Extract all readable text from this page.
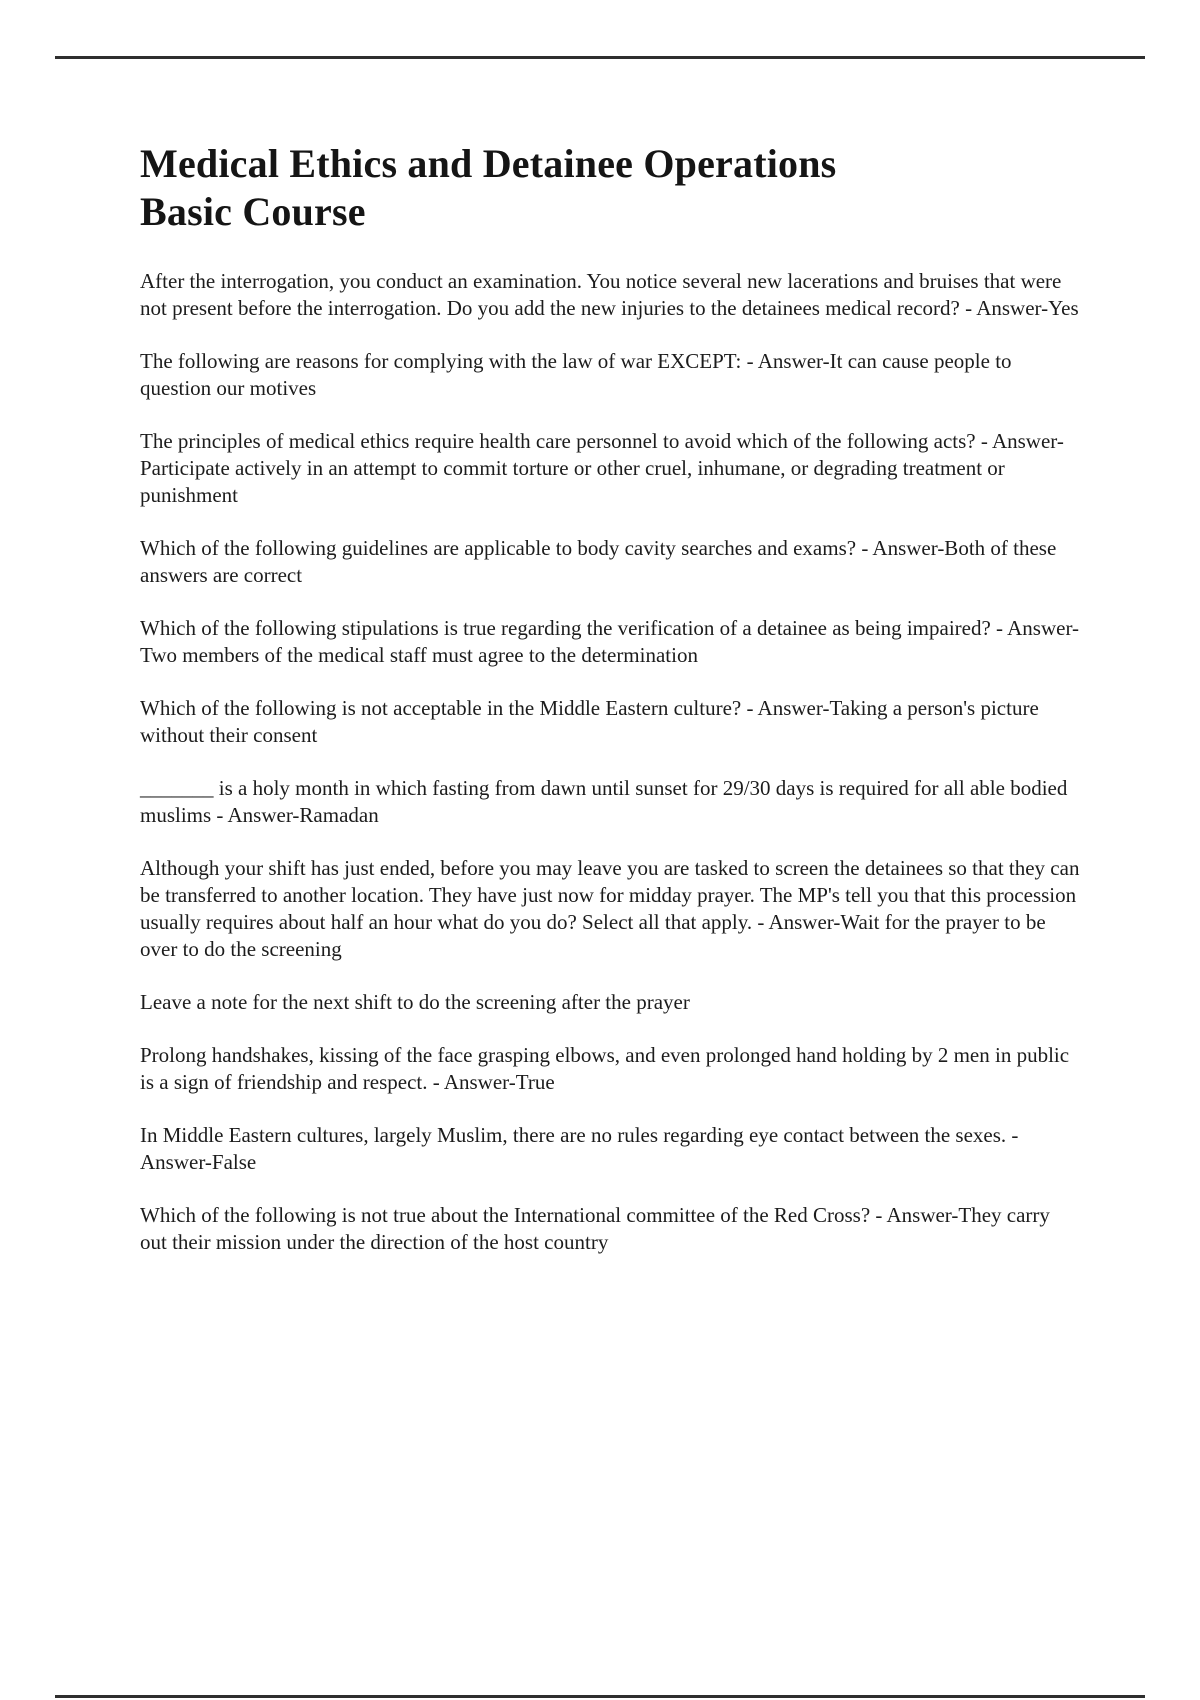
Medical Ethics and Detainee Operations
Basic Course

After the interrogation, you conduct an examination. You notice several new lacerations and bruises that were not present before the interrogation. Do you add the new injuries to the detainees medical record? - Answer-Yes

The following are reasons for complying with the law of war EXCEPT: - Answer-It can cause people to question our motives

The principles of medical ethics require health care personnel to avoid which of the following acts? - Answer-Participate actively in an attempt to commit torture or other cruel, inhumane, or degrading treatment or punishment

Which of the following guidelines are applicable to body cavity searches and exams? - Answer-Both of these answers are correct

Which of the following stipulations is true regarding the verification of a detainee as being impaired? - Answer-Two members of the medical staff must agree to the determination

Which of the following is not acceptable in the Middle Eastern culture? - Answer-Taking a person's picture without their consent

_______ is a holy month in which fasting from dawn until sunset for 29/30 days is required for all able bodied muslims - Answer-Ramadan

Although your shift has just ended, before you may leave you are tasked to screen the detainees so that they can be transferred to another location. They have just now for midday prayer. The MP's tell you that this procession usually requires about half an hour what do you do? Select all that apply. - Answer-Wait for the prayer to be over to do the screening

Leave a note for the next shift to do the screening after the prayer

Prolong handshakes, kissing of the face grasping elbows, and even prolonged hand holding by 2 men in public is a sign of friendship and respect. - Answer-True

In Middle Eastern cultures, largely Muslim, there are no rules regarding eye contact between the sexes. - Answer-False

Which of the following is not true about the International committee of the Red Cross? - Answer-They carry out their mission under the direction of the host country
